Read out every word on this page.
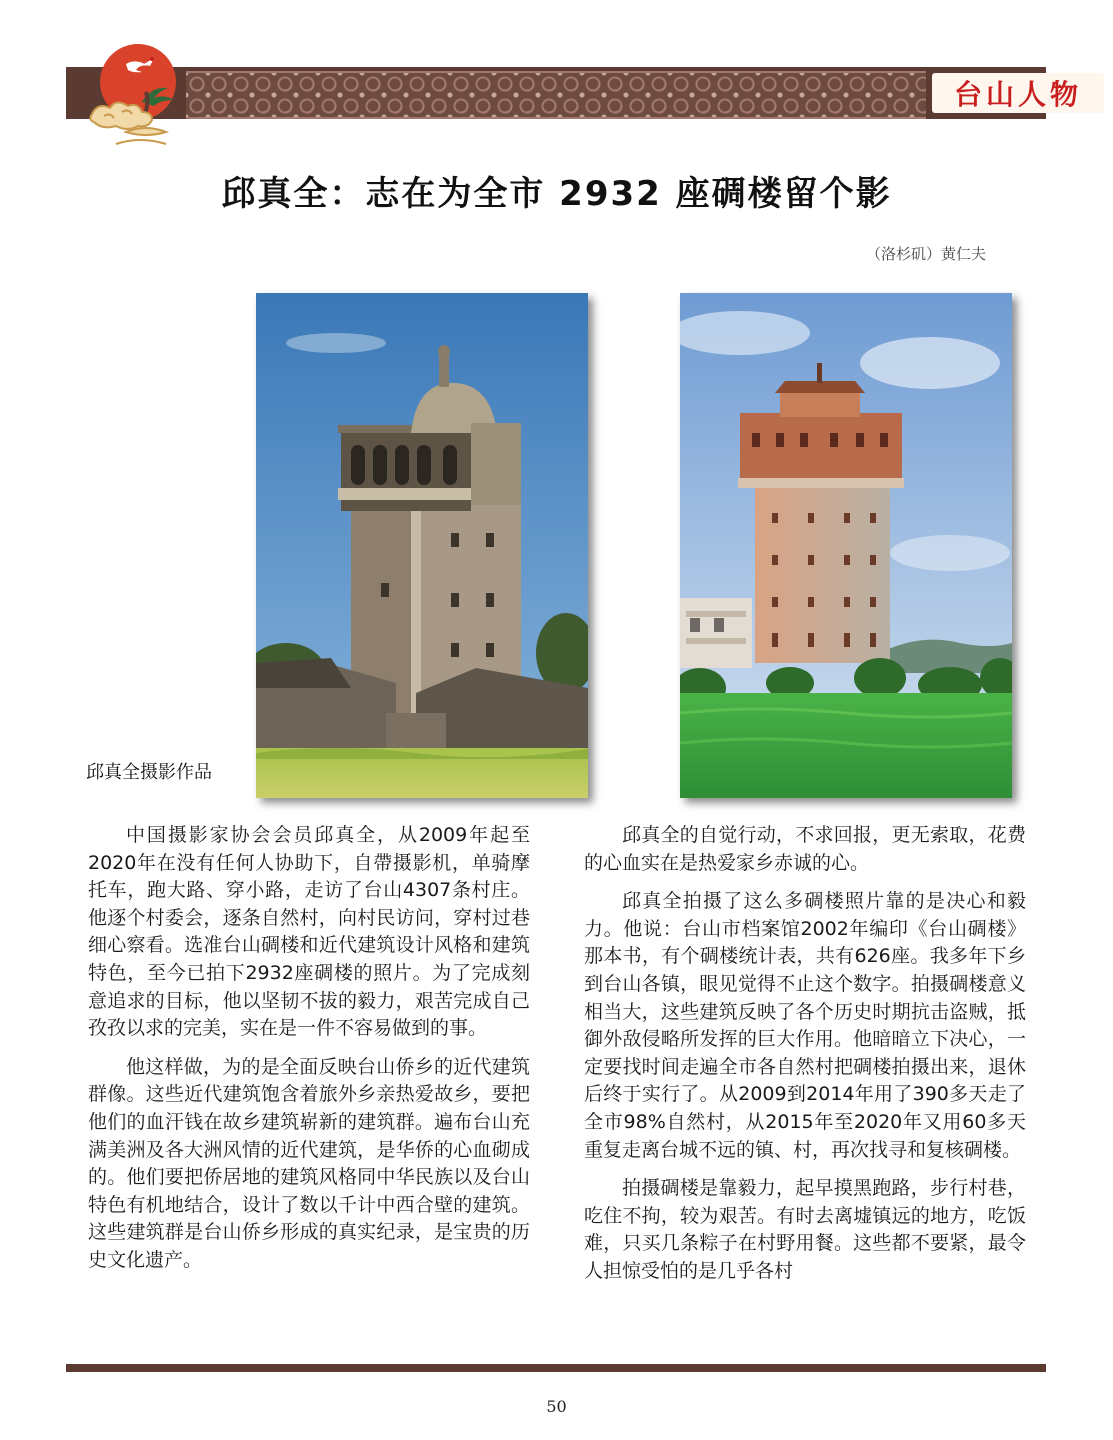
台山人物
邱真全：志在为全市 2932 座碉楼留个影
（洛杉矶）黄仁夫
邱真全摄影作品

中国摄影家协会会员邱真全，从2009年起至2020年在没有任何人协助下，自帶摄影机，单骑摩托车，跑大路、穿小路，走访了台山4307条村庄。他逐个村委会，逐条自然村，向村民访问，穿村过巷细心察看。选准台山碉楼和近代建筑设计风格和建筑特色，至今已拍下2932座碉楼的照片。为了完成刻意追求的目标，他以坚韧不拔的毅力，艰苦完成自己孜孜以求的完美，实在是一件不容易做到的事。

他这样做，为的是全面反映台山侨乡的近代建筑群像。这些近代建筑饱含着旅外乡亲热爱故乡，要把他们的血汗钱在故乡建筑崭新的建筑群。遍布台山充满美洲及各大洲风情的近代建筑，是华侨的心血砌成的。他们要把侨居地的建筑风格同中华民族以及台山特色有机地结合，设计了数以千计中西合壁的建筑。这些建筑群是台山侨乡形成的真实纪录，是宝贵的历史文化遗产。

邱真全的自觉行动，不求回报，更无索取，花费的心血实在是热爱家乡赤诚的心。

邱真全拍摄了这么多碉楼照片靠的是决心和毅力。他说：台山市档案馆2002年编印《台山碉楼》那本书，有个碉楼统计表，共有626座。我多年下乡到台山各镇，眼见觉得不止这个数字。拍摄碉楼意义相当大，这些建筑反映了各个历史时期抗击盗贼，抵御外敌侵略所发挥的巨大作用。他暗暗立下决心，一定要找时间走遍全市各自然村把碉楼拍摄出来，退休后终于实行了。从2009到2014年用了390多天走了全市98%自然村，从2015年至2020年又用60多天重复走离台城不远的镇、村，再次找寻和复核碉楼。

拍摄碉楼是靠毅力，起早摸黑跑路，步行村巷，吃住不拘，较为艰苦。有时去离墟镇远的地方，吃饭难，只买几条粽子在村野用餐。这些都不要紧，最令人担惊受怕的是几乎各村

50
